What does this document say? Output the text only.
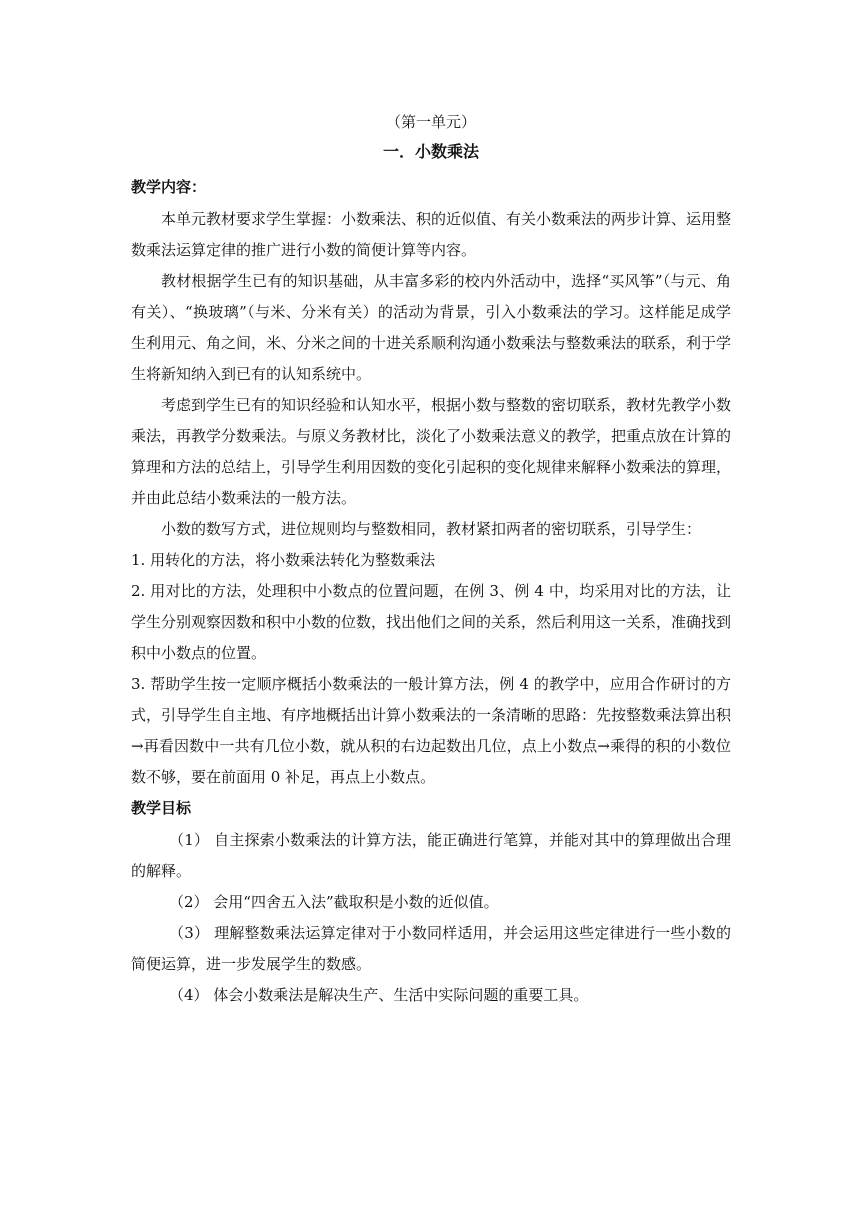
（第一单元）
一．小数乘法
教学内容：

本单元教材要求学生掌握：小数乘法、积的近似值、有关小数乘法的两步计算、运用整数乘法运算定律的推广进行小数的简便计算等内容。

教材根据学生已有的知识基础，从丰富多彩的校内外活动中，选择“买风筝”（与元、角有关）、“换玻璃”（与米、分米有关）的活动为背景，引入小数乘法的学习。这样能足成学生利用元、角之间，米、分米之间的十进关系顺利沟通小数乘法与整数乘法的联系，利于学生将新知纳入到已有的认知系统中。

考虑到学生已有的知识经验和认知水平，根据小数与整数的密切联系，教材先教学小数乘法，再教学分数乘法。与原义务教材比，淡化了小数乘法意义的教学，把重点放在计算的算理和方法的总结上，引导学生利用因数的变化引起积的变化规律来解释小数乘法的算理，并由此总结小数乘法的一般方法。

小数的数写方式，进位规则均与整数相同，教材紧扣两者的密切联系，引导学生：

1. 用转化的方法，将小数乘法转化为整数乘法

2. 用对比的方法，处理积中小数点的位置问题，在例 3、例 4 中，均采用对比的方法，让学生分别观察因数和积中小数的位数，找出他们之间的关系，然后利用这一关系，准确找到积中小数点的位置。

3. 帮助学生按一定顺序概括小数乘法的一般计算方法，例 4 的教学中，应用合作研讨的方式，引导学生自主地、有序地概括出计算小数乘法的一条清晰的思路：先按整数乘法算出积→再看因数中一共有几位小数，就从积的右边起数出几位，点上小数点→乘得的积的小数位数不够，要在前面用 0 补足，再点上小数点。

教学目标

（1） 自主探索小数乘法的计算方法，能正确进行笔算，并能对其中的算理做出合理的解释。

（2） 会用“四舍五入法”截取积是小数的近似值。

（3） 理解整数乘法运算定律对于小数同样适用，并会运用这些定律进行一些小数的简便运算，进一步发展学生的数感。

（4） 体会小数乘法是解决生产、生活中实际问题的重要工具。
